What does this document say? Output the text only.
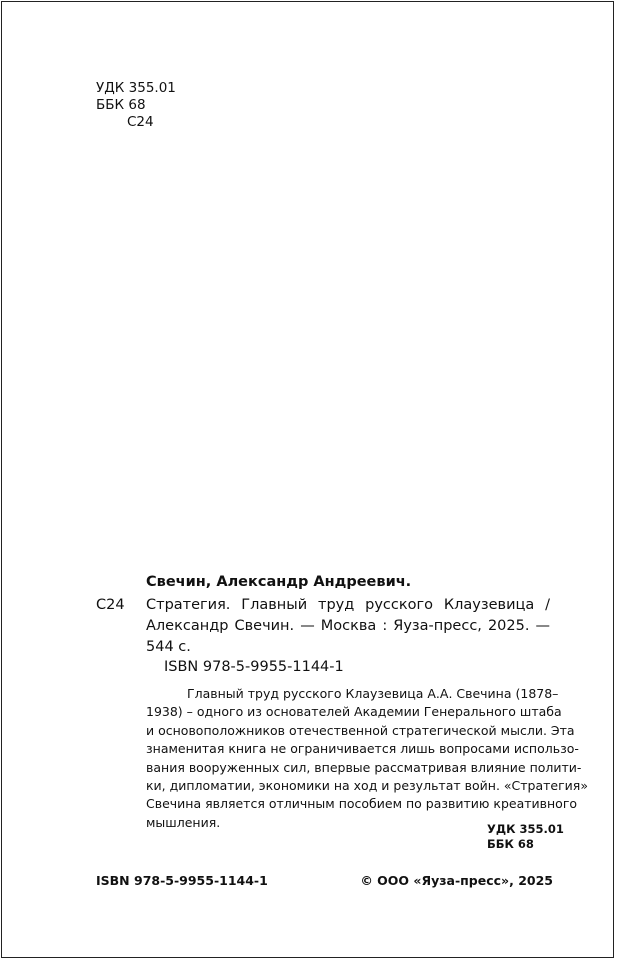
УДК 355.01
ББК 68
С24
Свечин, Александр Андреевич.
С24 Стратегия. Главный труд русского Клаузевица /
Александр Свечин. — Москва : Яуза-пресс, 2025. —
544 с.
ISBN 978-5-9955-1144-1
Главный труд русского Клаузевица А.А. Свечина (1878–
1938) – одного из основателей Академии Генерального штаба
и основоположников отечественной стратегической мысли. Эта
знаменитая книга не ограничивается лишь вопросами использо-
вания вооруженных сил, впервые рассматривая влияние полити-
ки, дипломатии, экономики на ход и результат войн. «Стратегия»
Свечина является отличным пособием по развитию креативного
мышления.	УДК 355.01
ББК 68
ISBN 978-5-9955-1144-1	© ООО «Яуза-пресс», 2025
